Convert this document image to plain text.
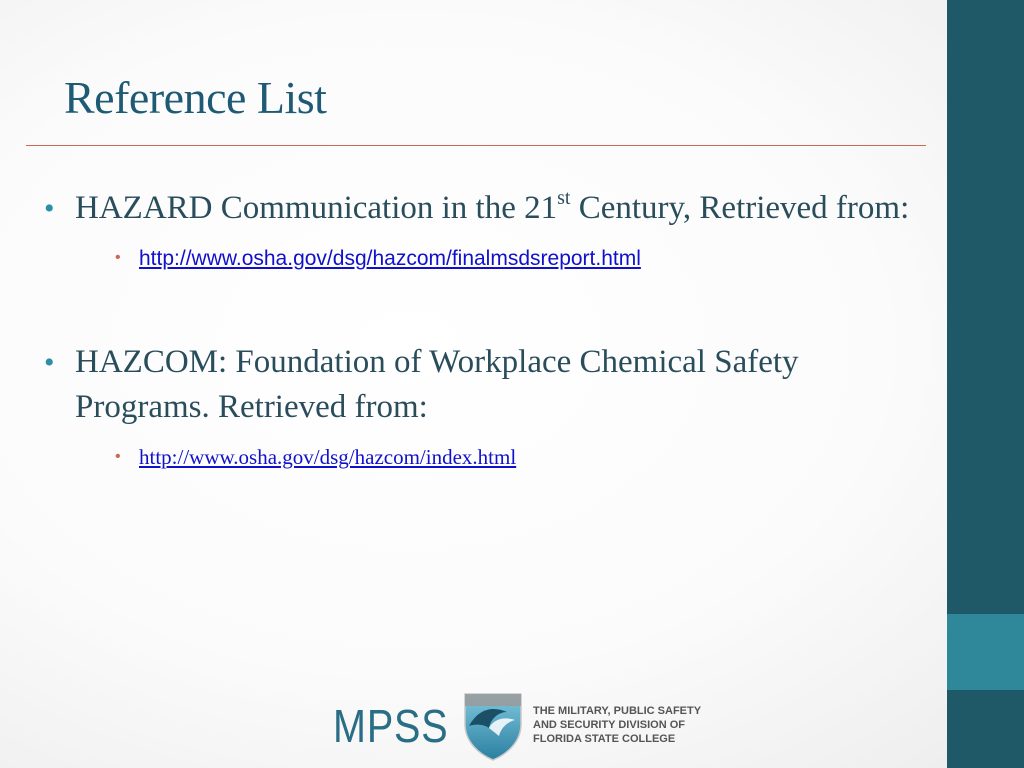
Reference List
• HAZARD Communication in the 21st Century, Retrieved from:
• http://www.osha.gov/dsg/hazcom/finalmsdsreport.html
• HAZCOM: Foundation of Workplace Chemical Safety Programs. Retrieved from:
• http://www.osha.gov/dsg/hazcom/index.html
MPSS	THE MILITARY, PUBLIC SAFETY
AND SECURITY DIVISION OF
FLORIDA STATE COLLEGE
